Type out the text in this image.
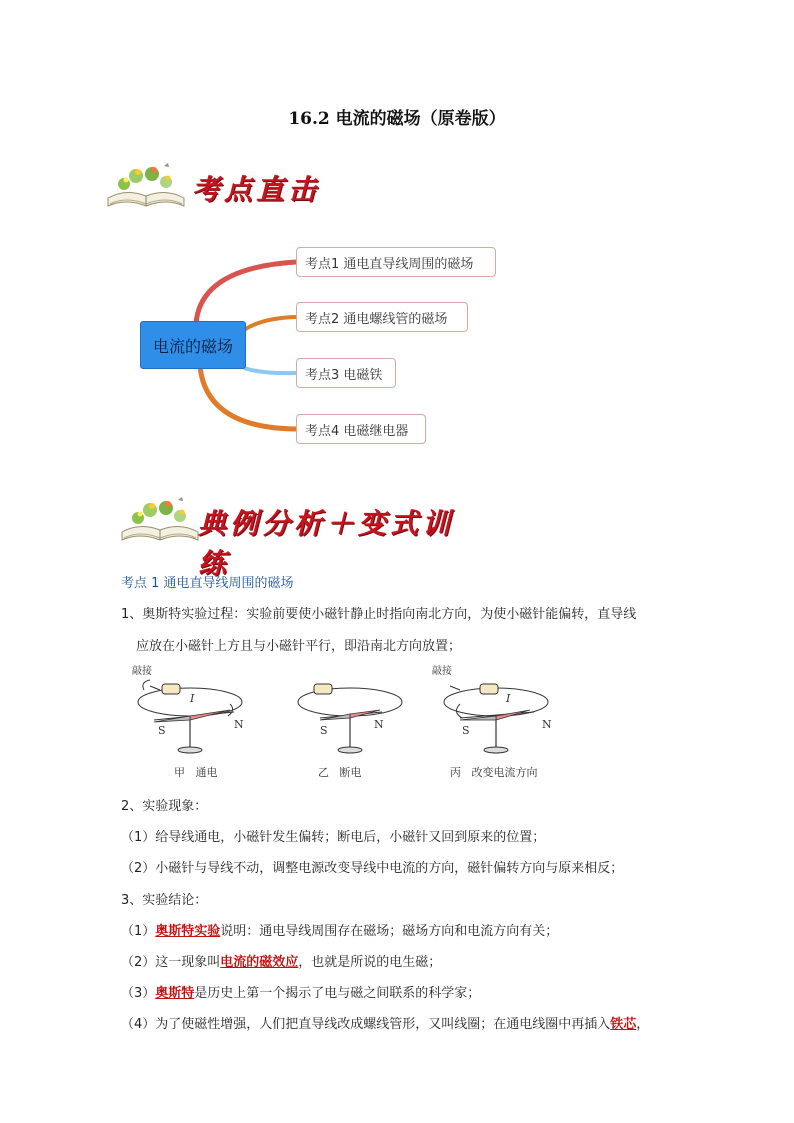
16.2 电流的磁场（原卷版）
考点直击
电流的磁场
考点1 通电直导线周围的磁场
考点2 通电螺线管的磁场
考点3 电磁铁
考点4 电磁继电器
典例分析＋变式训练
考点 1 通电直导线周围的磁场
1、奥斯特实验过程：实验前要使小磁针静止时指向南北方向，为使小磁针能偏转，直导线
应放在小磁针上方且与小磁针平行，即沿南北方向放置；
敲接
I
S	N
甲   通电
S	N
乙   断电
敲接
I
S	N
丙   改变电流方向
2、实验现象：
（1）给导线通电，小磁针发生偏转；断电后，小磁针又回到原来的位置；
（2）小磁针与导线不动，调整电源改变导线中电流的方向，磁针偏转方向与原来相反；
3、实验结论：
（1）奥斯特实验说明：通电导线周围存在磁场；磁场方向和电流方向有关；
（2）这一现象叫电流的磁效应，也就是所说的电生磁；
（3）奥斯特是历史上第一个揭示了电与磁之间联系的科学家；
（4）为了使磁性增强，人们把直导线改成螺线管形，又叫线圈；在通电线圈中再插入铁芯，
